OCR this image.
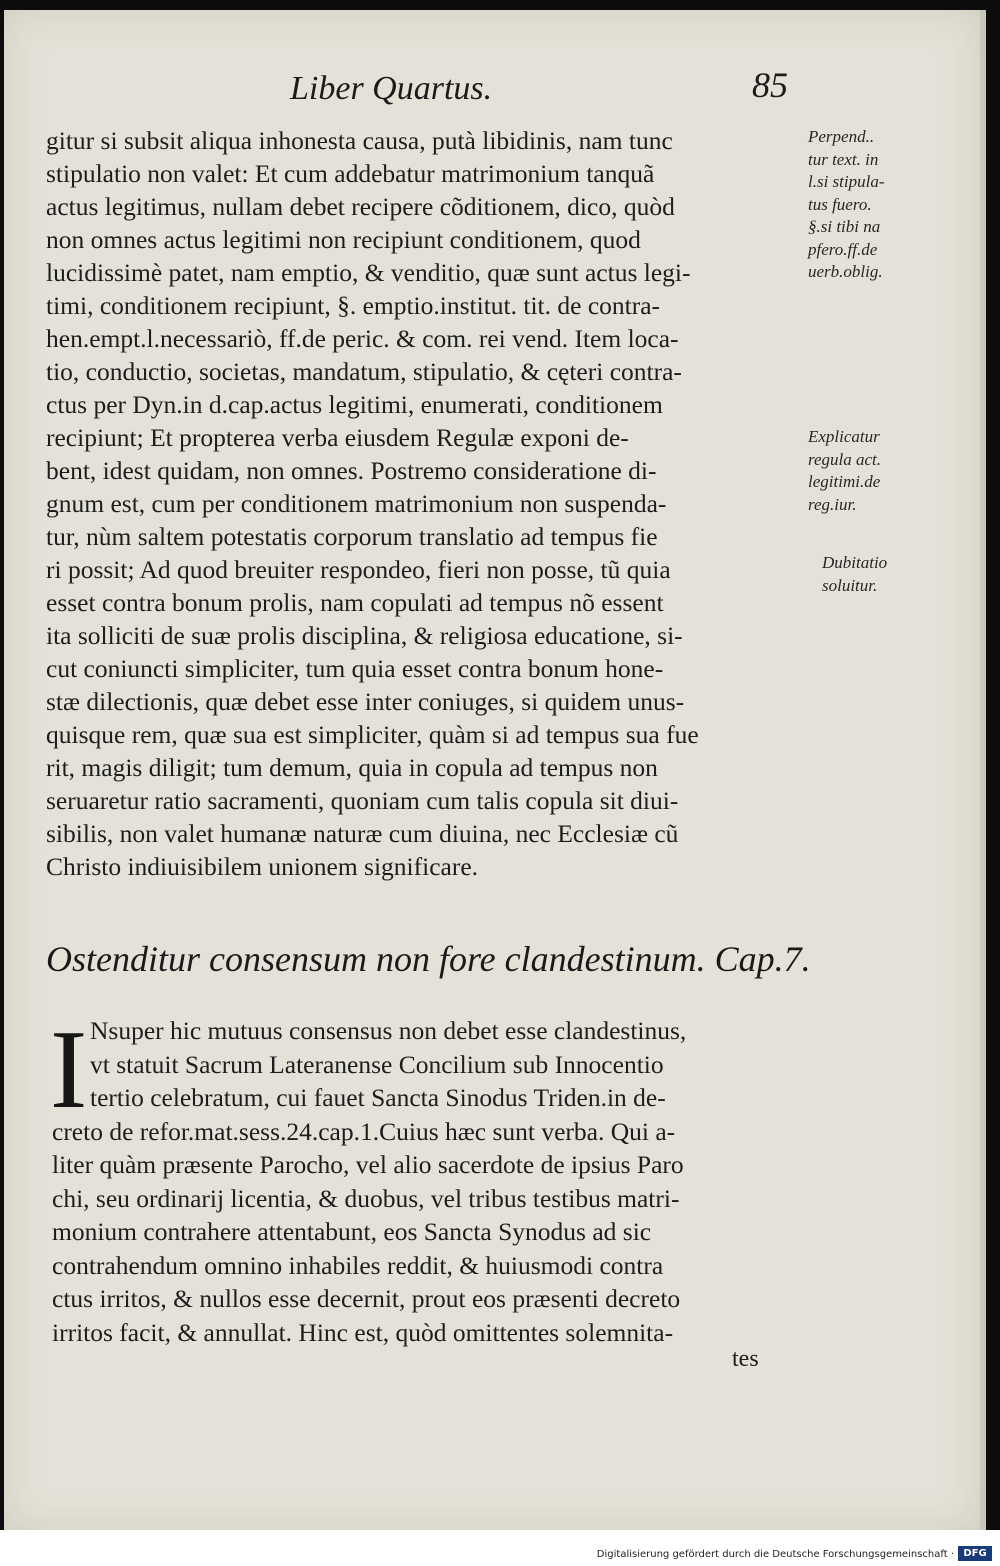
Liber Quartus.	85
gitur si subsit aliqua inhonesta causa, putà libidinis, nam tunc
stipulatio non valet: Et cum addebatur matrimonium tanquã
actus legitimus, nullam debet recipere cõditionem, dico, quòd
non omnes actus legitimi non recipiunt conditionem, quod
lucidissimè patet, nam emptio, & venditio, quæ sunt actus legi-
timi, conditionem recipiunt, §. emptio.institut. tit. de contra-
hen.empt.l.necessariò, ff.de peric. & com. rei vend. Item loca-
tio, conductio, societas, mandatum, stipulatio, & cęteri contra-
ctus per Dyn.in d.cap.actus legitimi, enumerati, conditionem
recipiunt; Et propterea verba eiusdem Regulæ exponi de-
bent, idest quidam, non omnes. Postremo consideratione di-
gnum est, cum per conditionem matrimonium non suspenda-
tur, nùm saltem potestatis corporum translatio ad tempus fie
ri possit; Ad quod breuiter respondeo, fieri non posse, tũ quia
esset contra bonum prolis, nam copulati ad tempus nõ essent
ita solliciti de suæ prolis disciplina, & religiosa educatione, si-
cut coniuncti simpliciter, tum quia esset contra bonum hone-
stæ dilectionis, quæ debet esse inter coniuges, si quidem unus-
quisque rem, quæ sua est simpliciter, quàm si ad tempus sua fue
rit, magis diligit; tum demum, quia in copula ad tempus non
seruaretur ratio sacramenti, quoniam cum talis copula sit diui-
sibilis, non valet humanæ naturæ cum diuina, nec Ecclesiæ cũ
Christo indiuisibilem unionem significare.
Perpend..
tur text. in
l.si stipula-
tus fuero.
§.si tibi na
pfero.ff.de
uerb.oblig.
Explicatur
regula act.
legitimi.de
reg.iur.
Dubitatio
soluitur.
Ostenditur consensum non fore clandestinum. Cap.7.
I Nsuper hic mutuus consensus non debet esse clandestinus,
vt statuit Sacrum Lateranense Concilium sub Innocentio
tertio celebratum, cui fauet Sancta Sinodus Triden.in de-
creto de refor.mat.sess.24.cap.1.Cuius hæc sunt verba. Qui a-
liter quàm præsente Parocho, vel alio sacerdote de ipsius Paro
chi, seu ordinarij licentia, & duobus, vel tribus testibus matri-
monium contrahere attentabunt, eos Sancta Synodus ad sic
contrahendum omnino inhabiles reddit, & huiusmodi contra
ctus irritos, & nullos esse decernit, prout eos præsenti decreto
irritos facit, & annullat. Hinc est, quòd omittentes solemnita-
tes
Digitalisierung gefördert durch die Deutsche Forschungsgemeinschaft · DFG
